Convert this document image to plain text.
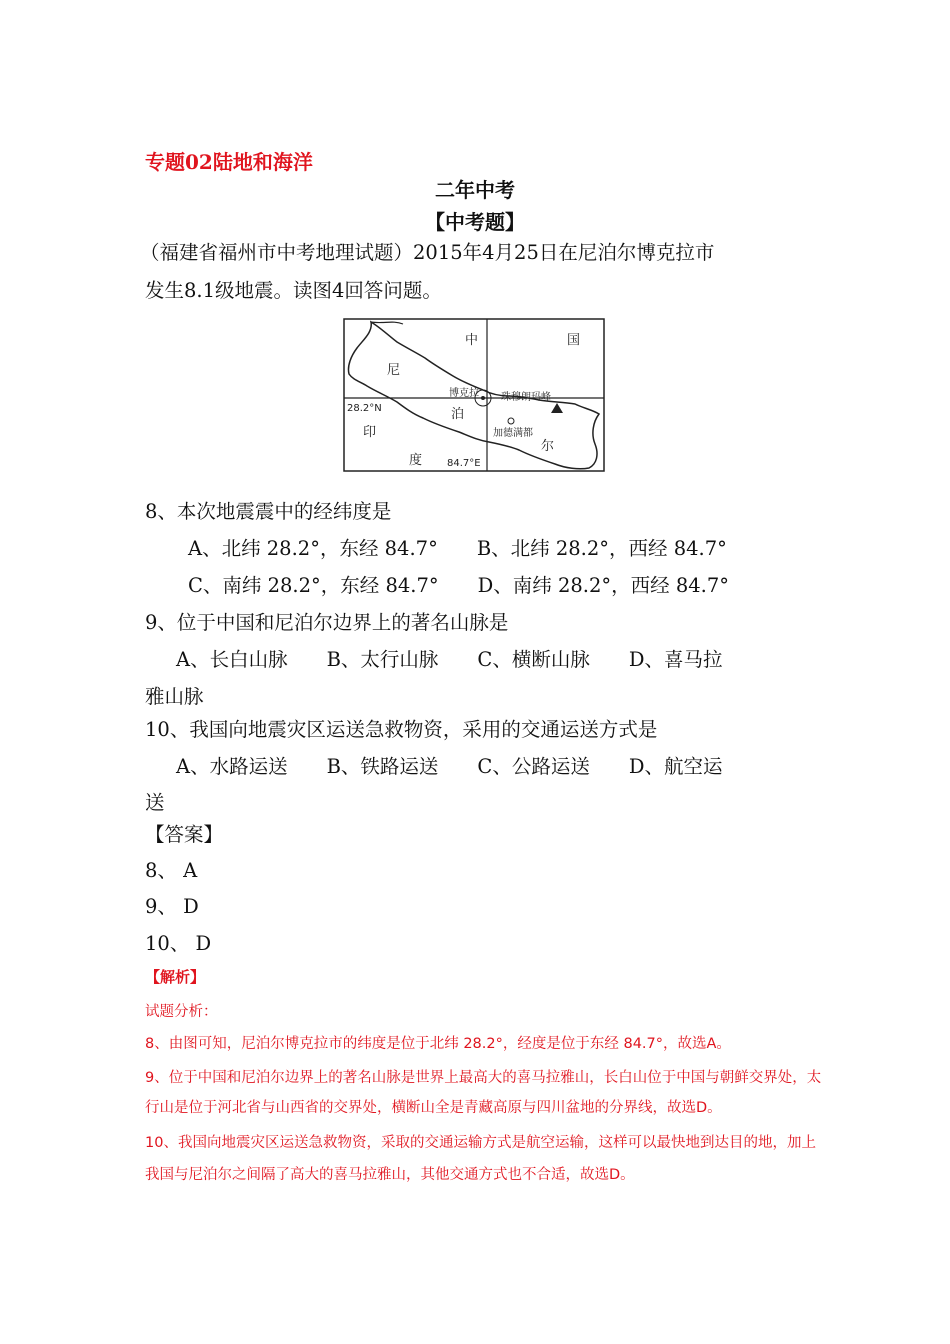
专题02陆地和海洋
二年中考
【中考题】
（福建省福州市中考地理试题）2015年4月25日在尼泊尔博克拉市
发生8.1级地震。读图4回答问题。
中	国
尼
泊
尔
印
度
博克拉 珠穆朗玛峰
加德满都
28.2°N
84.7°E
8、本次地震震中的经纬度是
A、北纬 28.2°，东经 84.7°　　B、北纬 28.2°，西经 84.7°
C、南纬 28.2°，东经 84.7°　　D、南纬 28.2°，西经 84.7°
9、位于中国和尼泊尔边界上的著名山脉是
A、长白山脉　　B、太行山脉　　C、横断山脉　　D、喜马拉
雅山脉
10、我国向地震灾区运送急救物资，采用的交通运送方式是
A、水路运送　　B、铁路运送　　C、公路运送　　D、航空运
送
【答案】
8、 A
9、 D
10、 D
【解析】
试题分析：
8、由图可知，尼泊尔博克拉市的纬度是位于北纬 28.2°，经度是位于东经 84.7°，故选A。
9、位于中国和尼泊尔边界上的著名山脉是世界上最高大的喜马拉雅山，长白山位于中国与朝鲜交界处，太
行山是位于河北省与山西省的交界处，横断山全是青藏高原与四川盆地的分界线，故选D。
10、我国向地震灾区运送急救物资，采取的交通运输方式是航空运输，这样可以最快地到达目的地，加上
我国与尼泊尔之间隔了高大的喜马拉雅山，其他交通方式也不合适，故选D。
